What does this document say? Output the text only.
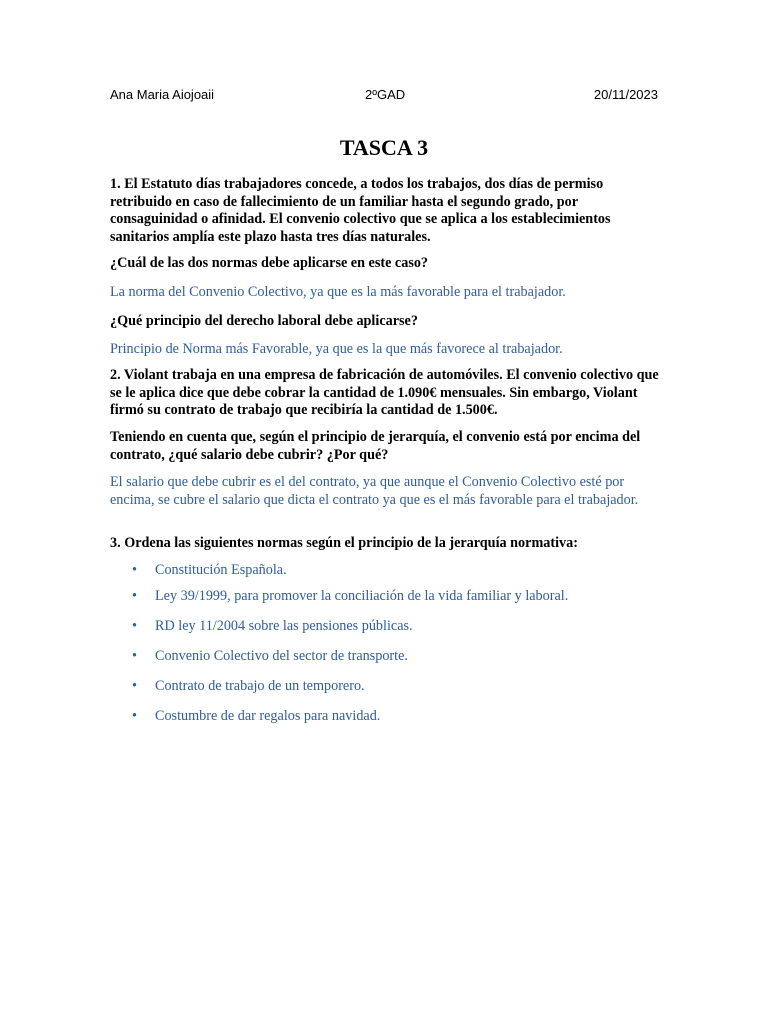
Ana Maria Aiojoaii	2ºGAD	20/11/2023
TASCA 3

1. El Estatuto días trabajadores concede, a todos los trabajos, dos días de permiso retribuido en caso de fallecimiento de un familiar hasta el segundo grado, por consaguinidad o afinidad. El convenio colectivo que se aplica a los establecimientos sanitarios amplía este plazo hasta tres días naturales.

¿Cuál de las dos normas debe aplicarse en este caso?

La norma del Convenio Colectivo, ya que es la más favorable para el trabajador.

¿Qué principio del derecho laboral debe aplicarse?

Principio de Norma más Favorable, ya que es la que más favorece al trabajador.

2. Violant trabaja en una empresa de fabricación de automóviles. El convenio colectivo que se le aplica dice que debe cobrar la cantidad de 1.090€ mensuales. Sin embargo, Violant firmó su contrato de trabajo que recibiría la cantidad de 1.500€.

Teniendo en cuenta que, según el principio de jerarquía, el convenio está por encima del contrato, ¿qué salario debe cubrir? ¿Por qué?

El salario que debe cubrir es el del contrato, ya que aunque el Convenio Colectivo esté por encima, se cubre el salario que dicta el contrato ya que es el más favorable para el trabajador.

3. Ordena las siguientes normas según el principio de la jerarquía normativa:

• Constitución Española.
• Ley 39/1999, para promover la conciliación de la vida familiar y laboral.
• RD ley 11/2004 sobre las pensiones públicas.
• Convenio Colectivo del sector de transporte.
• Contrato de trabajo de un temporero.
• Costumbre de dar regalos para navidad.
